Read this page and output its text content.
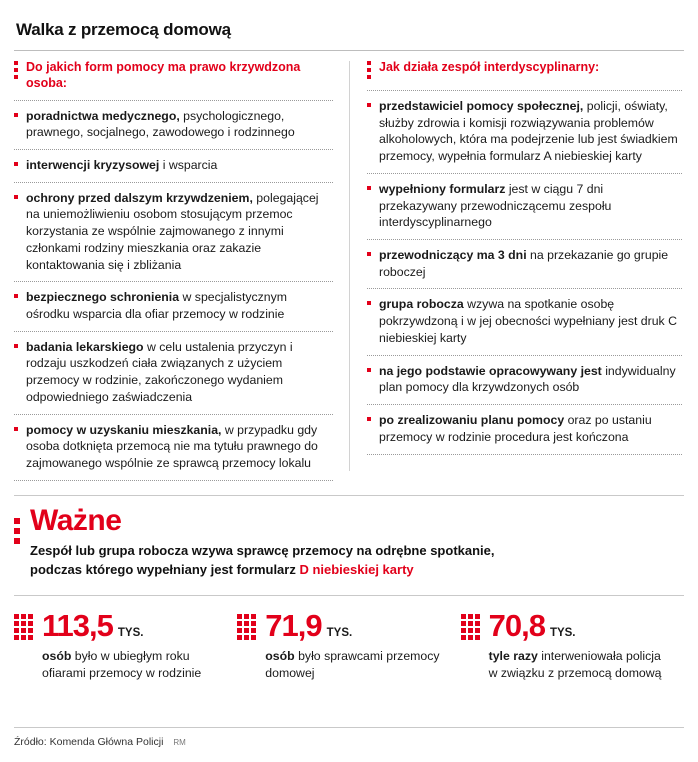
Walka z przemocą domową
Do jakich form pomocy ma prawo krzywdzona osoba:
poradnictwa medycznego, psychologicznego, prawnego, socjalnego, zawodowego i rodzinnego
interwencji kryzysowej i wsparcia
ochrony przed dalszym krzywdzeniem, polegającej na uniemożliwieniu osobom stosującym przemoc korzystania ze wspólnie zajmowanego z innymi członkami rodziny mieszkania oraz zakazie kontaktowania się i zbliżania
bezpiecznego schronienia w specjalistycznym ośrodku wsparcia dla ofiar przemocy w rodzinie
badania lekarskiego w celu ustalenia przyczyn i rodzaju uszkodzeń ciała związanych z użyciem przemocy w rodzinie, zakończonego wydaniem odpowiedniego zaświadczenia
pomocy w uzyskaniu mieszkania, w przypadku gdy osoba dotknięta przemocą nie ma tytułu prawnego do zajmowanego wspólnie ze sprawcą przemocy lokalu
Jak działa zespół interdyscyplinarny:
przedstawiciel pomocy społecznej, policji, oświaty, służby zdrowia i komisji rozwiązywania problemów alkoholowych, która ma podejrzenie lub jest świadkiem przemocy, wypełnia formularz A niebieskiej karty
wypełniony formularz jest w ciągu 7 dni przekazywany przewodniczącemu zespołu interdyscyplinarnego
przewodniczący ma 3 dni na przekazanie go grupie roboczej
grupa robocza wzywa na spotkanie osobę pokrzywdzoną i w jej obecności wypełniany jest druk C niebieskiej karty
na jego podstawie opracowywany jest indywidualny plan pomocy dla krzywdzonych osób
po zrealizowaniu planu pomocy oraz po ustaniu przemocy w rodzinie procedura jest kończona
Ważne
Zespół lub grupa robocza wzywa sprawcę przemocy na odrębne spotkanie,
podczas którego wypełniany jest formularz D niebieskiej karty
113,5 TYS.
osób było w ubiegłym roku ofiarami przemocy w rodzinie
71,9 TYS.
osób było sprawcami przemocy domowej
70,8 TYS.
tyle razy interweniowała policja w związku z przemocą domową
Źródło: Komenda Główna Policji RM
